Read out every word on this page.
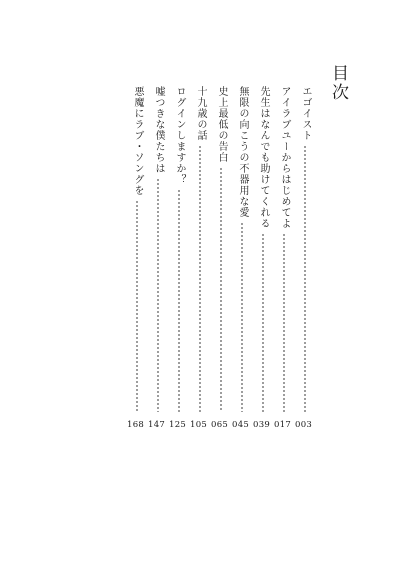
目次
エゴイスト
003
アイラブユーからはじめてよ
017
先生はなんでも助けてくれる
039
無限の向こうの不器用な愛
045
史上最低の告白
065
十九歳の話
105
ログインしますか？
125
嘘つきな僕たちは
147
悪魔にラブ・ソングを
168
